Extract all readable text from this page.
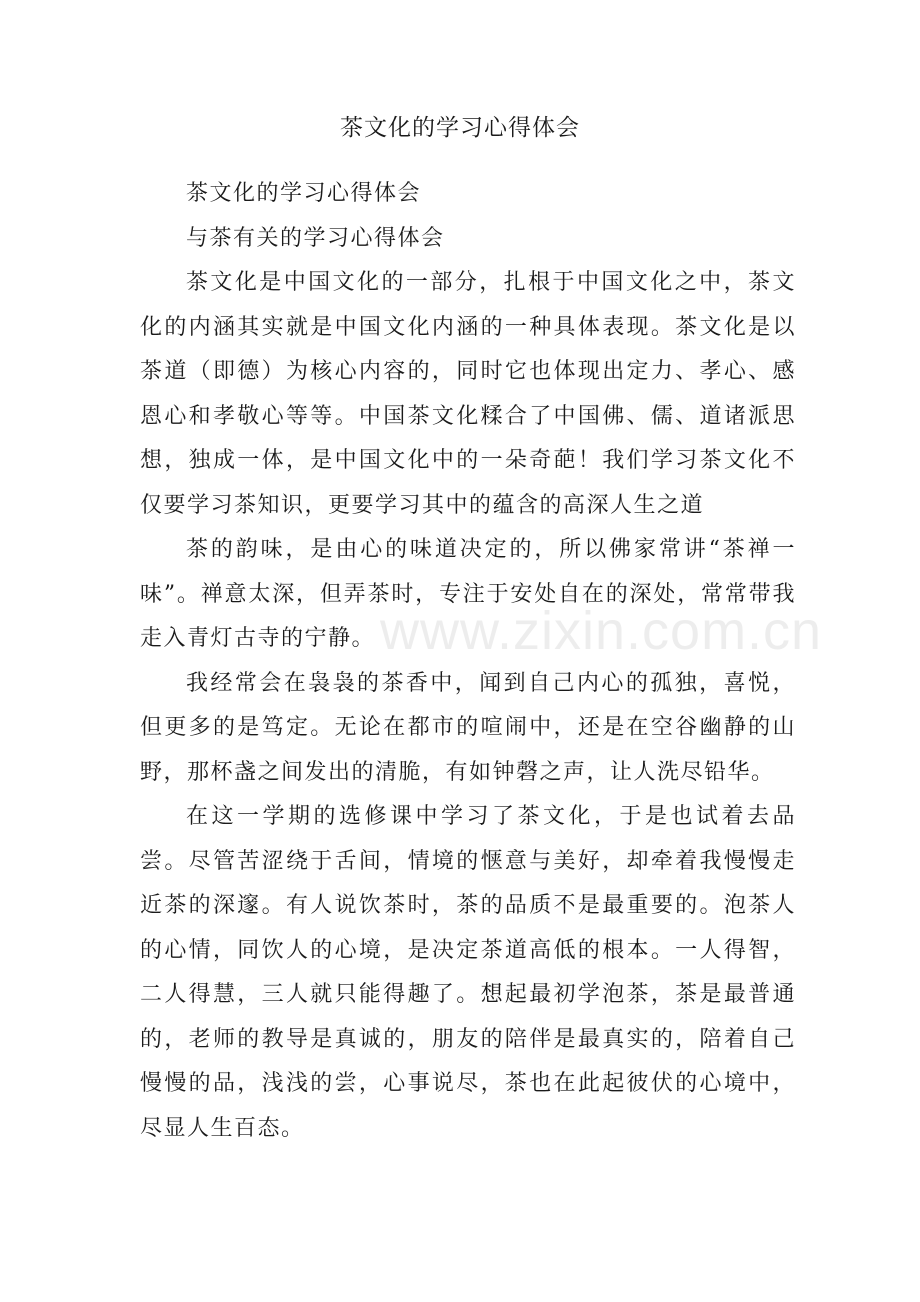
茶文化的学习心得体会

茶文化的学习心得体会

与茶有关的学习心得体会

茶文化是中国文化的一部分，扎根于中国文化之中，茶文化的内涵其实就是中国文化内涵的一种具体表现。茶文化是以茶道（即德）为核心内容的，同时它也体现出定力、孝心、感恩心和孝敬心等等。中国茶文化糅合了中国佛、儒、道诸派思想，独成一体，是中国文化中的一朵奇葩！我们学习茶文化不仅要学习茶知识，更要学习其中的蕴含的高深人生之道

茶的韵味，是由心的味道决定的，所以佛家常讲“茶禅一味”。禅意太深，但弄茶时，专注于安处自在的深处，常常带我走入青灯古寺的宁静。

我经常会在袅袅的茶香中，闻到自己内心的孤独，喜悦，但更多的是笃定。无论在都市的喧闹中，还是在空谷幽静的山野，那杯盏之间发出的清脆，有如钟磬之声，让人洗尽铅华。

在这一学期的选修课中学习了茶文化，于是也试着去品尝。尽管苦涩绕于舌间，情境的惬意与美好，却牵着我慢慢走近茶的深邃。有人说饮茶时，茶的品质不是最重要的。泡茶人的心情，同饮人的心境，是决定茶道高低的根本。一人得智，二人得慧，三人就只能得趣了。想起最初学泡茶，茶是最普通的，老师的教导是真诚的，朋友的陪伴是最真实的，陪着自己慢慢的品，浅浅的尝，心事说尽，茶也在此起彼伏的心境中，尽显人生百态。

www.zixin.com.cn
